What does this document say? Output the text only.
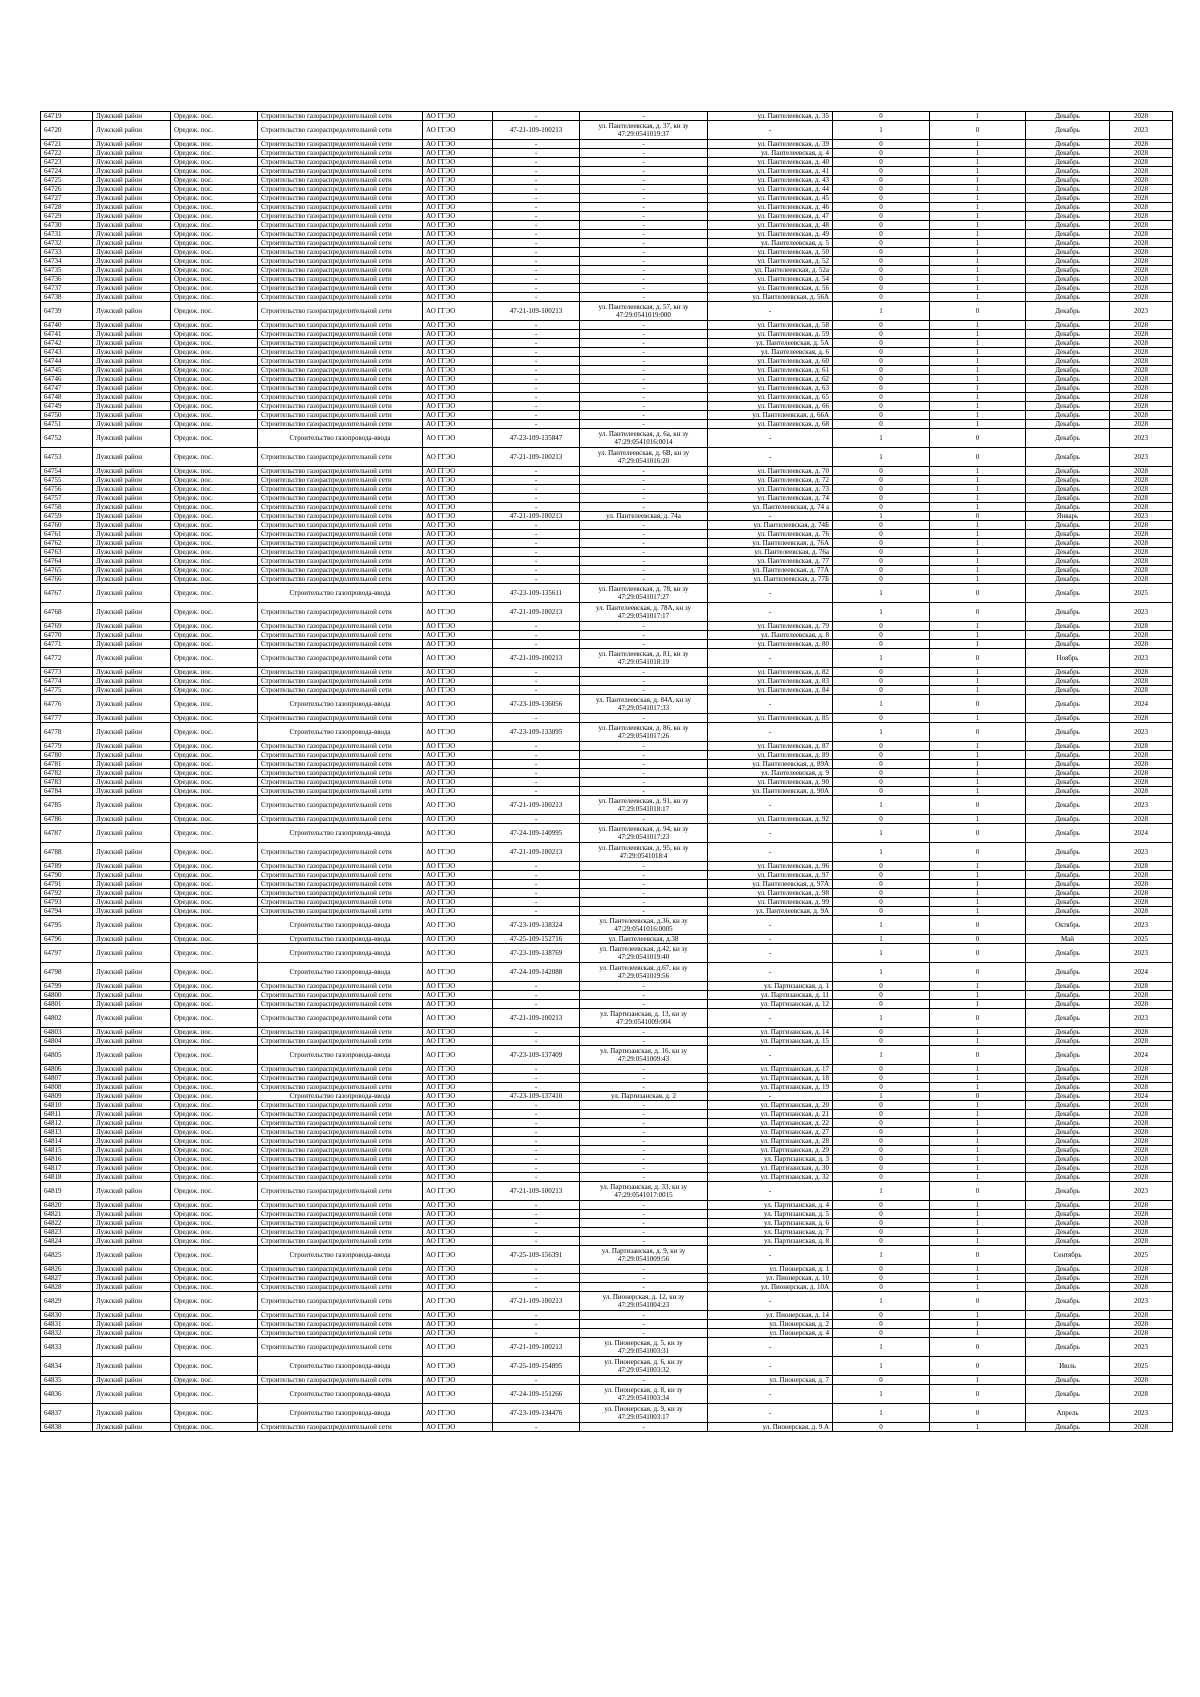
64719	Лужский район	Оредеж. пос.	Строительство газораспределительной сети	АО ГГЭО	-	-	ул. Пантелеевская, д. 35	0	1	Декабрь	2028
64720	Лужский район	Оредеж. пос.	Строительство газораспределительной сети	АО ГГЭО	47-21-109-100213	ул. Пантелеевская, д. 37, кн зу 47:29:0541019:37	-	1	0	Декабрь	2023
64721	Лужский район	Оредеж. пос.	Строительство газораспределительной сети	АО ГГЭО	-	-	ул. Пантелеевская, д. 39	0	1	Декабрь	2028
64722	Лужский район	Оредеж. пос.	Строительство газораспределительной сети	АО ГГЭО	-	-	ул. Пантелеевская, д. 4	0	1	Декабрь	2028
64723	Лужский район	Оредеж. пос.	Строительство газораспределительной сети	АО ГГЭО	-	-	ул. Пантелеевская, д. 40	0	1	Декабрь	2028
64724	Лужский район	Оредеж. пос.	Строительство газораспределительной сети	АО ГГЭО	-	-	ул. Пантелеевская, д. 41	0	1	Декабрь	2028
64725	Лужский район	Оредеж. пос.	Строительство газораспределительной сети	АО ГГЭО	-	-	ул. Пантелеевская, д. 43	0	1	Декабрь	2028
64726	Лужский район	Оредеж. пос.	Строительство газораспределительной сети	АО ГГЭО	-	-	ул. Пантелеевская, д. 44	0	1	Декабрь	2028
64727	Лужский район	Оредеж. пос.	Строительство газораспределительной сети	АО ГГЭО	-	-	ул. Пантелеевская, д. 45	0	1	Декабрь	2028
64728	Лужский район	Оредеж. пос.	Строительство газораспределительной сети	АО ГГЭО	-	-	ул. Пантелеевская, д. 46	0	1	Декабрь	2028
64729	Лужский район	Оредеж. пос.	Строительство газораспределительной сети	АО ГГЭО	-	-	ул. Пантелеевская, д. 47	0	1	Декабрь	2028
64730	Лужский район	Оредеж. пос.	Строительство газораспределительной сети	АО ГГЭО	-	-	ул. Пантелеевская, д. 48	0	1	Декабрь	2028
64731	Лужский район	Оредеж. пос.	Строительство газораспределительной сети	АО ГГЭО	-	-	ул. Пантелеевская, д. 49	0	1	Декабрь	2028
64732	Лужский район	Оредеж. пос.	Строительство газораспределительной сети	АО ГГЭО	-	-	ул. Пантелеевская, д. 5	0	1	Декабрь	2028
64733	Лужский район	Оредеж. пос.	Строительство газораспределительной сети	АО ГГЭО	-	-	ул. Пантелеевская, д. 50	0	1	Декабрь	2028
64734	Лужский район	Оредеж. пос.	Строительство газораспределительной сети	АО ГГЭО	-	-	ул. Пантелеевская, д. 52	0	1	Декабрь	2028
64735	Лужский район	Оредеж. пос.	Строительство газораспределительной сети	АО ГГЭО	-	-	ул. Пантелеевская, д. 52а	0	1	Декабрь	2028
64736	Лужский район	Оредеж. пос.	Строительство газораспределительной сети	АО ГГЭО	-	-	ул. Пантелеевская, д. 54	0	1	Декабрь	2028
64737	Лужский район	Оредеж. пос.	Строительство газораспределительной сети	АО ГГЭО	-	-	ул. Пантелеевская, д. 56	0	1	Декабрь	2028
64738	Лужский район	Оредеж. пос.	Строительство газораспределительной сети	АО ГГЭО	-	-	ул. Пантелеевская, д. 56А	0	1	Декабрь	2028
64739	Лужский район	Оредеж. пос.	Строительство газораспределительной сети	АО ГГЭО	47-21-109-100213	ул. Пантелеевская, д. 57, кн зу 47:29:0541019:000	-	1	0	Декабрь	2023
64740	Лужский район	Оредеж. пос.	Строительство газораспределительной сети	АО ГГЭО	-	-	ул. Пантелеевская, д. 58	0	1	Декабрь	2028
64741	Лужский район	Оредеж. пос.	Строительство газораспределительной сети	АО ГГЭО	-	-	ул. Пантелеевская, д. 59	0	1	Декабрь	2028
64742	Лужский район	Оредеж. пос.	Строительство газораспределительной сети	АО ГГЭО	-	-	ул. Пантелеевская, д. 5А	0	1	Декабрь	2028
64743	Лужский район	Оредеж. пос.	Строительство газораспределительной сети	АО ГГЭО	-	-	ул. Пантелеевская, д. 6	0	1	Декабрь	2028
64744	Лужский район	Оредеж. пос.	Строительство газораспределительной сети	АО ГГЭО	-	-	ул. Пантелеевская, д. 60	0	1	Декабрь	2028
64745	Лужский район	Оредеж. пос.	Строительство газораспределительной сети	АО ГГЭО	-	-	ул. Пантелеевская, д. 61	0	1	Декабрь	2028
64746	Лужский район	Оредеж. пос.	Строительство газораспределительной сети	АО ГГЭО	-	-	ул. Пантелеевская, д. 62	0	1	Декабрь	2028
64747	Лужский район	Оредеж. пос.	Строительство газораспределительной сети	АО ГГЭО	-	-	ул. Пантелеевская, д. 63	0	1	Декабрь	2028
64748	Лужский район	Оредеж. пос.	Строительство газораспределительной сети	АО ГГЭО	-	-	ул. Пантелеевская, д. 65	0	1	Декабрь	2028
64749	Лужский район	Оредеж. пос.	Строительство газораспределительной сети	АО ГГЭО	-	-	ул. Пантелеевская, д. 66	0	1	Декабрь	2028
64750	Лужский район	Оредеж. пос.	Строительство газораспределительной сети	АО ГГЭО	-	-	ул. Пантелеевская, д. 66А	0	1	Декабрь	2028
64751	Лужский район	Оредеж. пос.	Строительство газораспределительной сети	АО ГГЭО	-	-	ул. Пантелеевская, д. 68	0	1	Декабрь	2028
64752	Лужский район	Оредеж. пос.	Строительство газопровода-ввода	АО ГГЭО	47-23-109-135847	ул. Пантелеевская, д. 6а, кн зу 47:29:0541016:0014	-	1	0	Декабрь	2023
64753	Лужский район	Оредеж. пос.	Строительство газораспределительной сети	АО ГГЭО	47-21-109-100213	ул. Пантелеевская, д. 6В, кн зу 47:29:0541016:20	-	1	0	Декабрь	2023
64754	Лужский район	Оредеж. пос.	Строительство газораспределительной сети	АО ГГЭО	-	-	ул. Пантелеевская, д. 70	0	1	Декабрь	2028
64755	Лужский район	Оредеж. пос.	Строительство газораспределительной сети	АО ГГЭО	-	-	ул. Пантелеевская, д. 72	0	1	Декабрь	2028
64756	Лужский район	Оредеж. пос.	Строительство газораспределительной сети	АО ГГЭО	-	-	ул. Пантелеевская, д. 73	0	1	Декабрь	2028
64757	Лужский район	Оредеж. пос.	Строительство газораспределительной сети	АО ГГЭО	-	-	ул. Пантелеевская, д. 74	0	1	Декабрь	2028
64758	Лужский район	Оредеж. пос.	Строительство газораспределительной сети	АО ГГЭО	-	-	ул. Пантелеевская, д. 74 а	0	1	Декабрь	2028
64759	Лужский район	Оредеж. пос.	Строительство газораспределительной сети	АО ГГЭО	47-21-109-100213	ул. Пантелеевская, д. 74а	-	1	0	Январь	2023
64760	Лужский район	Оредеж. пос.	Строительство газораспределительной сети	АО ГГЭО	-	-	ул. Пантелеевская, д. 74Б	0	1	Декабрь	2028
64761	Лужский район	Оредеж. пос.	Строительство газораспределительной сети	АО ГГЭО	-	-	ул. Пантелеевская, д. 76	0	1	Декабрь	2028
64762	Лужский район	Оредеж. пос.	Строительство газораспределительной сети	АО ГГЭО	-	-	ул. Пантелеевская, д. 76А	0	1	Декабрь	2028
64763	Лужский район	Оредеж. пос.	Строительство газораспределительной сети	АО ГГЭО	-	-	ул. Пантелеевская, д. 76а	0	1	Декабрь	2028
64764	Лужский район	Оредеж. пос.	Строительство газораспределительной сети	АО ГГЭО	-	-	ул. Пантелеевская, д. 77	0	1	Декабрь	2028
64765	Лужский район	Оредеж. пос.	Строительство газораспределительной сети	АО ГГЭО	-	-	ул. Пантелеевская, д. 77А	0	1	Декабрь	2028
64766	Лужский район	Оредеж. пос.	Строительство газораспределительной сети	АО ГГЭО	-	-	ул. Пантелеевская, д. 77Б	0	1	Декабрь	2028
64767	Лужский район	Оредеж. пос.	Строительство газопровода-ввода	АО ГГЭО	47-23-109-135611	ул. Пантелеевская, д. 78, кн зу 47:29:0541017:27	-	1	0	Декабрь	2025
64768	Лужский район	Оредеж. пос.	Строительство газораспределительной сети	АО ГГЭО	47-21-109-100213	ул. Пантелеевская, д. 78А, кн зу 47:29:0541017:17	-	1	0	Декабрь	2023
64769	Лужский район	Оредеж. пос.	Строительство газораспределительной сети	АО ГГЭО	-	-	ул. Пантелеевская, д. 79	0	1	Декабрь	2028
64770	Лужский район	Оредеж. пос.	Строительство газораспределительной сети	АО ГГЭО	-	-	ул. Пантелеевская, д. 8	0	1	Декабрь	2028
64771	Лужский район	Оредеж. пос.	Строительство газораспределительной сети	АО ГГЭО	-	-	ул. Пантелеевская, д. 80	0	1	Декабрь	2028
64772	Лужский район	Оредеж. пос.	Строительство газораспределительной сети	АО ГГЭО	47-21-109-100213	ул. Пантелеевская, д. 81, кн зу 47:29:0541018:19	-	1	0	Ноябрь	2023
64773	Лужский район	Оредеж. пос.	Строительство газораспределительной сети	АО ГГЭО	-	-	ул. Пантелеевская, д. 82	0	1	Декабрь	2028
64774	Лужский район	Оредеж. пос.	Строительство газораспределительной сети	АО ГГЭО	-	-	ул. Пантелеевская, д. 83	0	1	Декабрь	2028
64775	Лужский район	Оредеж. пос.	Строительство газораспределительной сети	АО ГГЭО	-	-	ул. Пантелеевская, д. 84	0	1	Декабрь	2028
64776	Лужский район	Оредеж. пос.	Строительство газопровода-ввода	АО ГГЭО	47-23-109-136056	ул. Пантелеевская, д. 84А, кн зу 47:29:0541017:33	-	1	0	Декабрь	2024
64777	Лужский район	Оредеж. пос.	Строительство газораспределительной сети	АО ГГЭО	-	-	ул. Пантелеевская, д. 85	0	1	Декабрь	2028
64778	Лужский район	Оредеж. пос.	Строительство газопровода-ввода	АО ГГЭО	47-23-109-133095	ул. Пантелеевская, д. 86, кн зу 47:29:0541017:26	-	1	0	Декабрь	2023
64779	Лужский район	Оредеж. пос.	Строительство газораспределительной сети	АО ГГЭО	-	-	ул. Пантелеевская, д. 87	0	1	Декабрь	2028
64780	Лужский район	Оредеж. пос.	Строительство газораспределительной сети	АО ГГЭО	-	-	ул. Пантелеевская, д. 89	0	1	Декабрь	2028
64781	Лужский район	Оредеж. пос.	Строительство газораспределительной сети	АО ГГЭО	-	-	ул. Пантелеевская, д. 89А	0	1	Декабрь	2028
64782	Лужский район	Оредеж. пос.	Строительство газораспределительной сети	АО ГГЭО	-	-	ул. Пантелеевская, д. 9	0	1	Декабрь	2028
64783	Лужский район	Оредеж. пос.	Строительство газораспределительной сети	АО ГГЭО	-	-	ул. Пантелеевская, д. 90	0	1	Декабрь	2028
64784	Лужский район	Оредеж. пос.	Строительство газораспределительной сети	АО ГГЭО	-	-	ул. Пантелеевская, д. 90А	0	1	Декабрь	2028
64785	Лужский район	Оредеж. пос.	Строительство газораспределительной сети	АО ГГЭО	47-21-109-100213	ул. Пантелеевская, д. 91, кн зу 47:29:0541018:17	-	1	0	Декабрь	2023
64786	Лужский район	Оредеж. пос.	Строительство газораспределительной сети	АО ГГЭО	-	-	ул. Пантелеевская, д. 92	0	1	Декабрь	2028
64787	Лужский район	Оредеж. пос.	Строительство газопровода-ввода	АО ГГЭО	47-24-109-140995	ул. Пантелеевская, д. 94, кн зу 47:29:0541017:23	-	1	0	Декабрь	2024
64788	Лужский район	Оредеж. пос.	Строительство газораспределительной сети	АО ГГЭО	47-21-109-100213	ул. Пантелеевская, д. 95, кн зу 47:29:0541018:4	-	1	0	Декабрь	2023
64789	Лужский район	Оредеж. пос.	Строительство газораспределительной сети	АО ГГЭО	-	-	ул. Пантелеевская, д. 96	0	1	Декабрь	2028
64790	Лужский район	Оредеж. пос.	Строительство газораспределительной сети	АО ГГЭО	-	-	ул. Пантелеевская, д. 97	0	1	Декабрь	2028
64791	Лужский район	Оредеж. пос.	Строительство газораспределительной сети	АО ГГЭО	-	-	ул. Пантелеевская, д. 97А	0	1	Декабрь	2028
64792	Лужский район	Оредеж. пос.	Строительство газораспределительной сети	АО ГГЭО	-	-	ул. Пантелеевская, д. 98	0	1	Декабрь	2028
64793	Лужский район	Оредеж. пос.	Строительство газораспределительной сети	АО ГГЭО	-	-	ул. Пантелеевская, д. 99	0	1	Декабрь	2028
64794	Лужский район	Оредеж. пос.	Строительство газораспределительной сети	АО ГГЭО	-	-	ул. Пантелеевская, д. 9А	0	1	Декабрь	2028
64795	Лужский район	Оредеж. пос.	Строительство газопровода-ввода	АО ГГЭО	47-23-109-138324	ул. Пантелеевская, д.36, кн зу 47:29:0541016:0005	-	1	0	Октябрь	2023
64796	Лужский район	Оредеж. пос.	Строительство газопровода-ввода	АО ГГЭО	47-25-109-152716	ул. Пантелеевская, д.38	-	1	0	Май	2025
64797	Лужский район	Оредеж. пос.	Строительство газопровода-ввода	АО ГГЭО	47-23-109-138769	ул. Пантелеевская, д.42, кн зу 47:29:0541019:40	-	1	0	Декабрь	2023
64798	Лужский район	Оредеж. пос.	Строительство газопровода-ввода	АО ГГЭО	47-24-109-142088	ул. Пантелеевская, д.67, кн зу 47:29:0541019:56	-	1	0	Декабрь	2024
64799	Лужский район	Оредеж. пос.	Строительство газораспределительной сети	АО ГГЭО	-	-	ул. Партизанская, д. 1	0	1	Декабрь	2028
64800	Лужский район	Оредеж. пос.	Строительство газораспределительной сети	АО ГГЭО	-	-	ул. Партизанская, д. 11	0	1	Декабрь	2028
64801	Лужский район	Оредеж. пос.	Строительство газораспределительной сети	АО ГГЭО	-	-	ул. Партизанская, д. 12	0	1	Декабрь	2028
64802	Лужский район	Оредеж. пос.	Строительство газораспределительной сети	АО ГГЭО	47-21-109-100213	ул. Партизанская, д. 13, кн зу 47:29:0541009:004	-	1	0	Декабрь	2023
64803	Лужский район	Оредеж. пос.	Строительство газораспределительной сети	АО ГГЭО	-	-	ул. Партизанская, д. 14	0	1	Декабрь	2028
64804	Лужский район	Оредеж. пос.	Строительство газораспределительной сети	АО ГГЭО	-	-	ул. Партизанская, д. 15	0	1	Декабрь	2028
64805	Лужский район	Оредеж. пос.	Строительство газопровода-ввода	АО ГГЭО	47-23-109-137409	ул. Партизанская, д. 16, кн зу 47:29:0541009:43	-	1	0	Декабрь	2024
64806	Лужский район	Оредеж. пос.	Строительство газораспределительной сети	АО ГГЭО	-	-	ул. Партизанская, д. 17	0	1	Декабрь	2028
64807	Лужский район	Оредеж. пос.	Строительство газораспределительной сети	АО ГГЭО	-	-	ул. Партизанская, д. 18	0	1	Декабрь	2028
64808	Лужский район	Оредеж. пос.	Строительство газораспределительной сети	АО ГГЭО	-	-	ул. Партизанская, д. 19	0	1	Декабрь	2028
64809	Лужский район	Оредеж. пос.	Строительство газопровода-ввода	АО ГГЭО	47-23-109-137410	ул. Партизанская, д. 2	-	1	0	Декабрь	2024
64810	Лужский район	Оредеж. пос.	Строительство газораспределительной сети	АО ГГЭО	-	-	ул. Партизанская, д. 20	0	1	Декабрь	2028
64811	Лужский район	Оредеж. пос.	Строительство газораспределительной сети	АО ГГЭО	-	-	ул. Партизанская, д. 21	0	1	Декабрь	2028
64812	Лужский район	Оредеж. пос.	Строительство газораспределительной сети	АО ГГЭО	-	-	ул. Партизанская, д. 22	0	1	Декабрь	2028
64813	Лужский район	Оредеж. пос.	Строительство газораспределительной сети	АО ГГЭО	-	-	ул. Партизанская, д. 27	0	1	Декабрь	2028
64814	Лужский район	Оредеж. пос.	Строительство газораспределительной сети	АО ГГЭО	-	-	ул. Партизанская, д. 28	0	1	Декабрь	2028
64815	Лужский район	Оредеж. пос.	Строительство газораспределительной сети	АО ГГЭО	-	-	ул. Партизанская, д. 29	0	1	Декабрь	2028
64816	Лужский район	Оредеж. пос.	Строительство газораспределительной сети	АО ГГЭО	-	-	ул. Партизанская, д. 3	0	1	Декабрь	2028
64817	Лужский район	Оредеж. пос.	Строительство газораспределительной сети	АО ГГЭО	-	-	ул. Партизанская, д. 30	0	1	Декабрь	2028
64818	Лужский район	Оредеж. пос.	Строительство газораспределительной сети	АО ГГЭО	-	-	ул. Партизанская, д. 32	0	1	Декабрь	2028
64819	Лужский район	Оредеж. пос.	Строительство газораспределительной сети	АО ГГЭО	47-21-109-100213	ул. Партизанская, д. 33, кн зу 47:29:0541017:0015	-	1	0	Декабрь	2023
64820	Лужский район	Оредеж. пос.	Строительство газораспределительной сети	АО ГГЭО	-	-	ул. Партизанская, д. 4	0	1	Декабрь	2028
64821	Лужский район	Оредеж. пос.	Строительство газораспределительной сети	АО ГГЭО	-	-	ул. Партизанская, д. 5	0	1	Декабрь	2028
64822	Лужский район	Оредеж. пос.	Строительство газораспределительной сети	АО ГГЭО	-	-	ул. Партизанская, д. 6	0	1	Декабрь	2028
64823	Лужский район	Оредеж. пос.	Строительство газораспределительной сети	АО ГГЭО	-	-	ул. Партизанская, д. 7	0	1	Декабрь	2028
64824	Лужский район	Оредеж. пос.	Строительство газораспределительной сети	АО ГГЭО	-	-	ул. Партизанская, д. 8	0	1	Декабрь	2028
64825	Лужский район	Оредеж. пос.	Строительство газопровода-ввода	АО ГГЭО	47-25-109-156391	ул. Партизанская, д. 9, кн зу 47:29:0541009:56	-	1	0	Сентябрь	2025
64826	Лужский район	Оредеж. пос.	Строительство газораспределительной сети	АО ГГЭО	-	-	ул. Пионерская, д. 1	0	1	Декабрь	2028
64827	Лужский район	Оредеж. пос.	Строительство газораспределительной сети	АО ГГЭО	-	-	ул. Пионерская, д. 10	0	1	Декабрь	2028
64828	Лужский район	Оредеж. пос.	Строительство газораспределительной сети	АО ГГЭО	-	-	ул. Пионерская, д. 10А	0	1	Декабрь	2028
64829	Лужский район	Оредеж. пос.	Строительство газораспределительной сети	АО ГГЭО	47-21-109-100213	ул. Пионерская, д. 12, кн зу 47:29:0541004:23	-	1	0	Декабрь	2023
64830	Лужский район	Оредеж. пос.	Строительство газораспределительной сети	АО ГГЭО	-	-	ул. Пионерская, д. 14	0	1	Декабрь	2028
64831	Лужский район	Оредеж. пос.	Строительство газораспределительной сети	АО ГГЭО	-	-	ул. Пионерская, д. 2	0	1	Декабрь	2028
64832	Лужский район	Оредеж. пос.	Строительство газораспределительной сети	АО ГГЭО	-	-	ул. Пионерская, д. 4	0	1	Декабрь	2028
64833	Лужский район	Оредеж. пос.	Строительство газораспределительной сети	АО ГГЭО	47-21-109-100213	ул. Пионерская, д. 5, кн зу 47:29:0541003:31	-	1	0	Декабрь	2023
64834	Лужский район	Оредеж. пос.	Строительство газопровода-ввода	АО ГГЭО	47-25-109-154895	ул. Пионерская, д. 6, кн зу 47:29:0541003:32	-	1	0	Июль	2025
64835	Лужский район	Оредеж. пос.	Строительство газораспределительной сети	АО ГГЭО	-	-	ул. Пионерская, д. 7	0	1	Декабрь	2028
64836	Лужский район	Оредеж. пос.	Строительство газопровода-ввода	АО ГГЭО	47-24-109-151266	ул. Пионерская, д. 8, кн зу 47:29:0541003:34	-	1	0	Декабрь	2028
64837	Лужский район	Оредеж. пос.	Строительство газопровода-ввода	АО ГГЭО	47-23-109-134476	ул. Пионерская, д. 9, кн зу 47:29:0541003:17	-	1	0	Апрель	2023
64838	Лужский район	Оредеж. пос.	Строительство газораспределительной сети	АО ГГЭО	-	-	ул. Пионерская, д. 9 А	0	1	Декабрь	2028
